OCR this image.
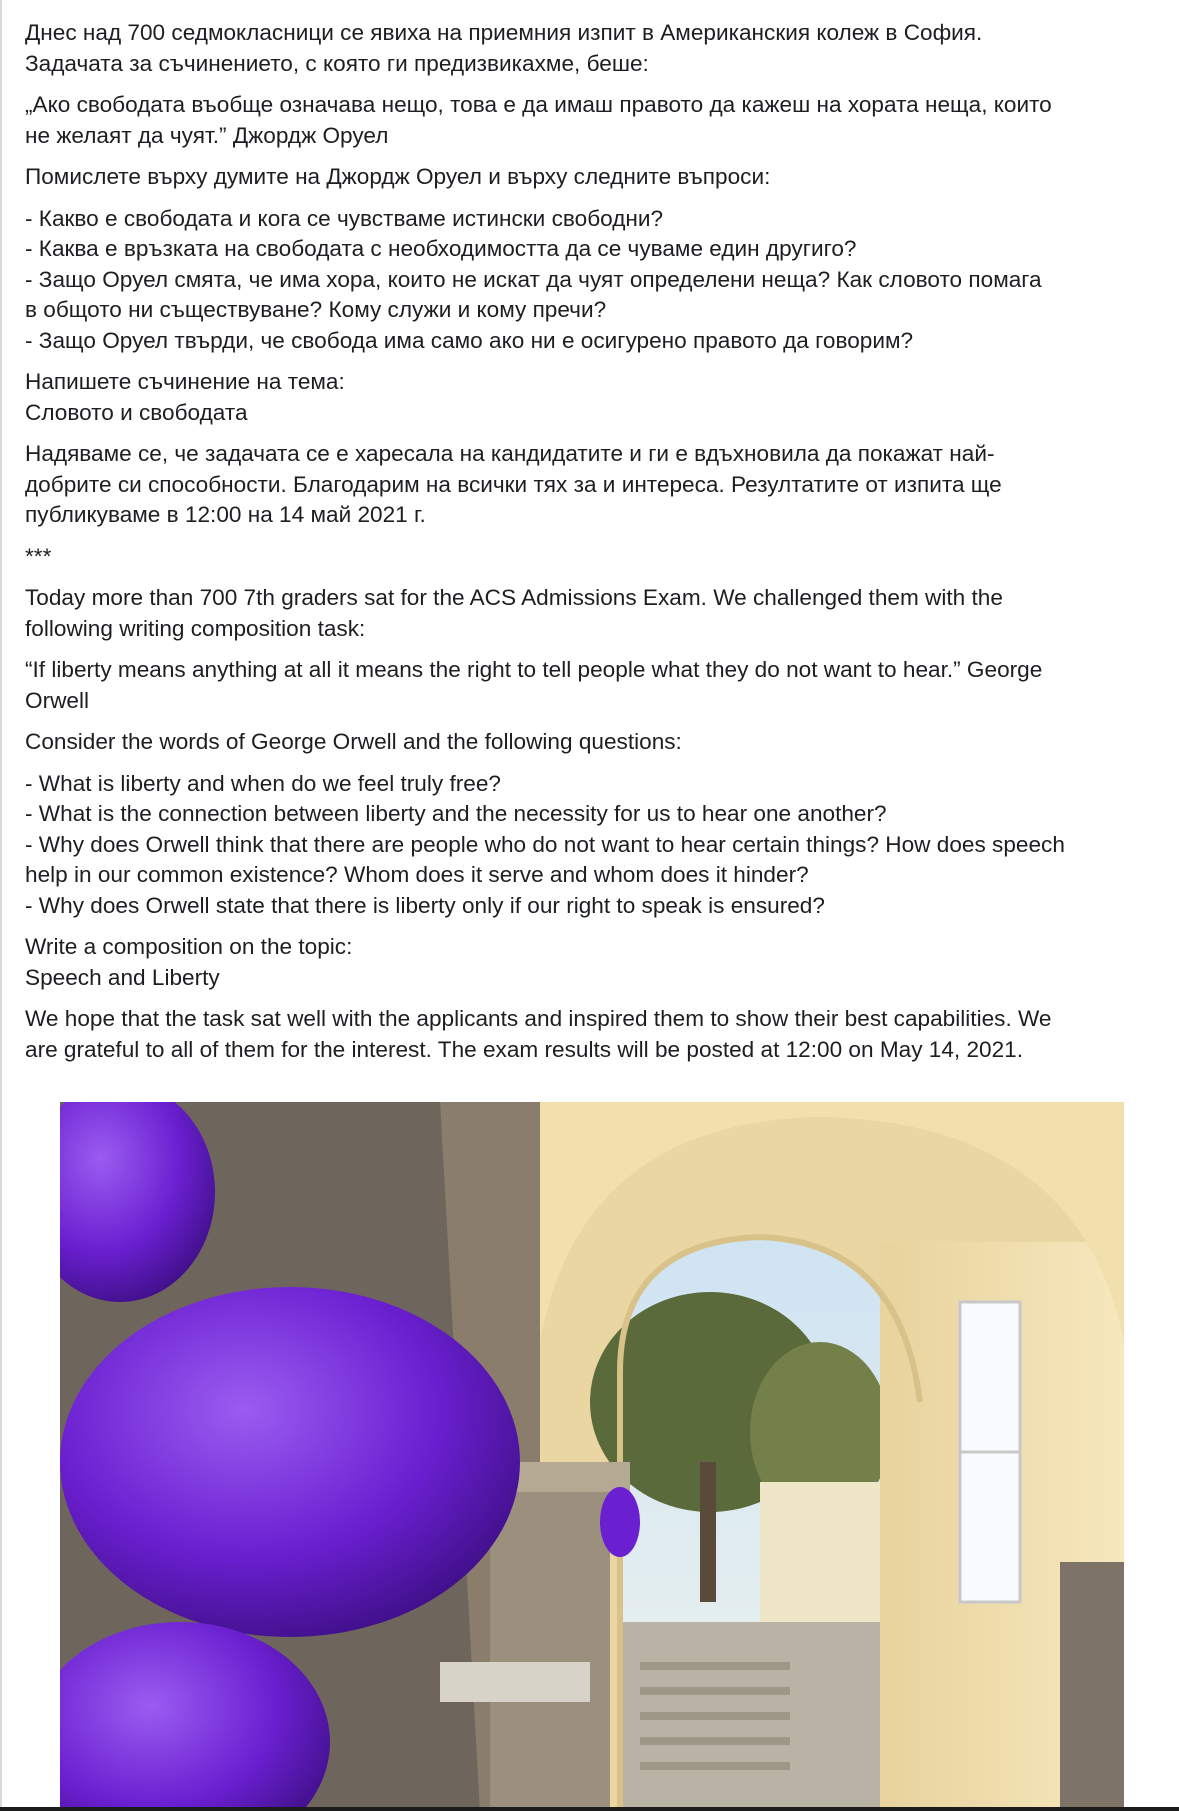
Днес над 700 седмокласници се явиха на приемния изпит в Американския колеж в София.
Задачата за съчинението, с която ги предизвикахме, беше:

„Ако свободата въобще означава нещо, това е да имаш правото да кажеш на хората неща, които
не желаят да чуят.” Джордж Оруел

Помислете върху думите на Джордж Оруел и върху следните въпроси:

- Какво е свободата и кога се чувстваме истински свободни?
- Каква е връзката на свободата с необходимостта да се чуваме един другиго?
- Защо Оруел смята, че има хора, които не искат да чуят определени неща? Как словото помага
в общото ни съществуване? Кому служи и кому пречи?
- Защо Оруел твърди, че свобода има само ако ни е осигурено правото да говорим?

Напишете съчинение на тема:
Словото и свободата

Надяваме се, че задачата се е харесала на кандидатите и ги е вдъхновила да покажат най-
добрите си способности. Благодарим на всички тях за и интереса. Резултатите от изпита ще
публикуваме в 12:00 на 14 май 2021 г.

***

Today more than 700 7th graders sat for the ACS Admissions Exam. We challenged them with the
following writing composition task:

“If liberty means anything at all it means the right to tell people what they do not want to hear.” George
Orwell

Consider the words of George Orwell and the following questions:

- What is liberty and when do we feel truly free?
- What is the connection between liberty and the necessity for us to hear one another?
- Why does Orwell think that there are people who do not want to hear certain things? How does speech
help in our common existence? Whom does it serve and whom does it hinder?
- Why does Orwell state that there is liberty only if our right to speak is ensured?

Write a composition on the topic:
Speech and Liberty

We hope that the task sat well with the applicants and inspired them to show their best capabilities. We
are grateful to all of them for the interest. The exam results will be posted at 12:00 on May 14, 2021.
